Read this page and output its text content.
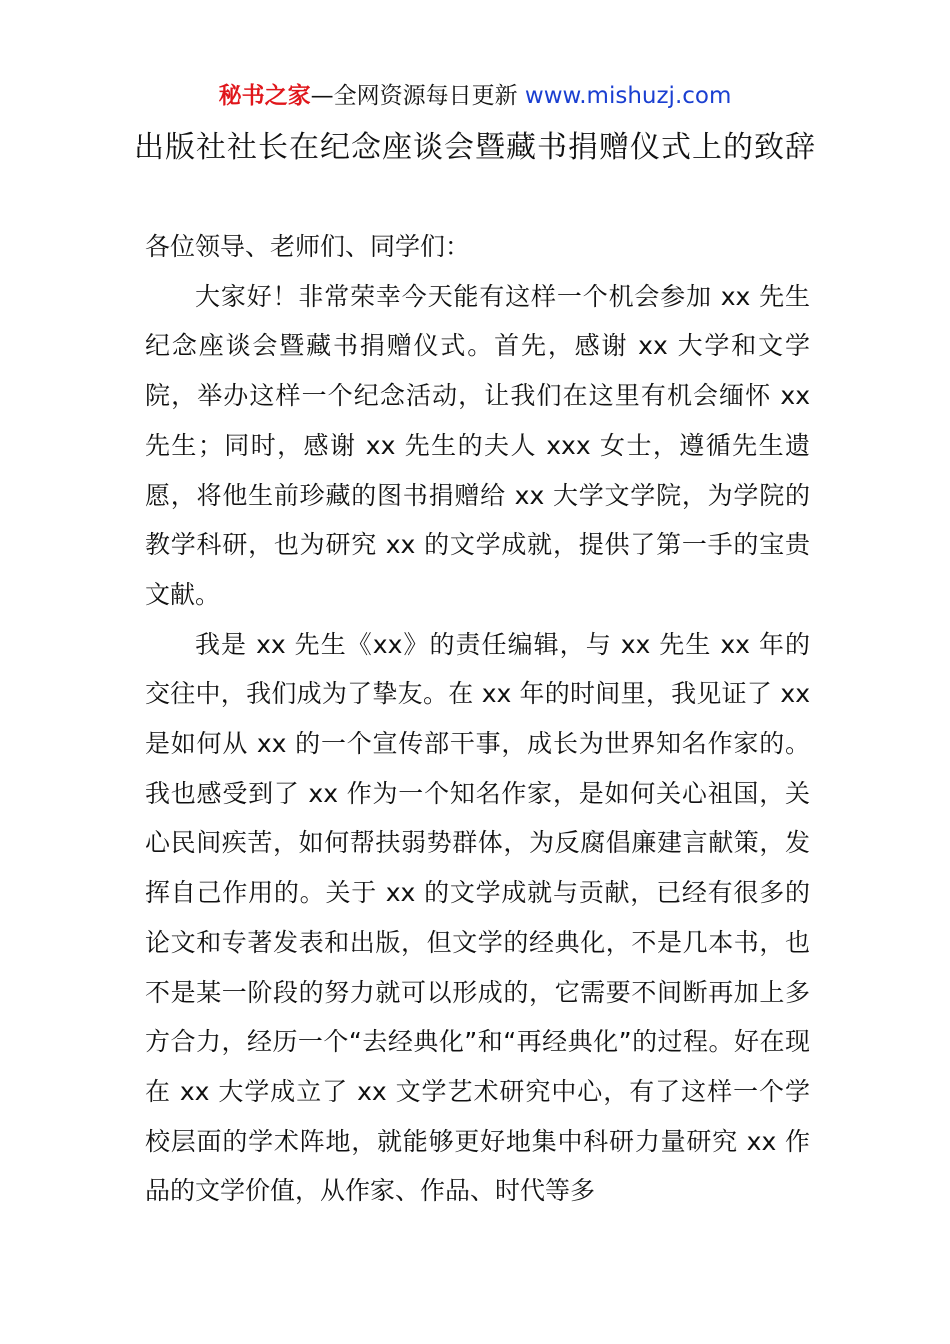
秘书之家—全网资源每日更新 www.mishuzj.com
出版社社长在纪念座谈会暨藏书捐赠仪式上的致辞

各位领导、老师们、同学们：

大家好！非常荣幸今天能有这样一个机会参加 xx 先生纪念座谈会暨藏书捐赠仪式。首先，感谢 xx 大学和文学院，举办这样一个纪念活动，让我们在这里有机会缅怀 xx 先生；同时，感谢 xx 先生的夫人 xxx 女士，遵循先生遗愿，将他生前珍藏的图书捐赠给 xx 大学文学院，为学院的教学科研，也为研究 xx 的文学成就，提供了第一手的宝贵文献。

我是 xx 先生《xx》的责任编辑，与 xx 先生 xx 年的交往中，我们成为了挚友。在 xx 年的时间里，我见证了 xx 是如何从 xx 的一个宣传部干事，成长为世界知名作家的。我也感受到了 xx 作为一个知名作家，是如何关心祖国，关心民间疾苦，如何帮扶弱势群体，为反腐倡廉建言献策，发挥自己作用的。关于 xx 的文学成就与贡献，已经有很多的论文和专著发表和出版，但文学的经典化，不是几本书，也不是某一阶段的努力就可以形成的，它需要不间断再加上多方合力，经历一个“去经典化”和“再经典化”的过程。好在现在 xx 大学成立了 xx 文学艺术研究中心，有了这样一个学校层面的学术阵地，就能够更好地集中科研力量研究 xx 作品的文学价值，从作家、作品、时代等多
